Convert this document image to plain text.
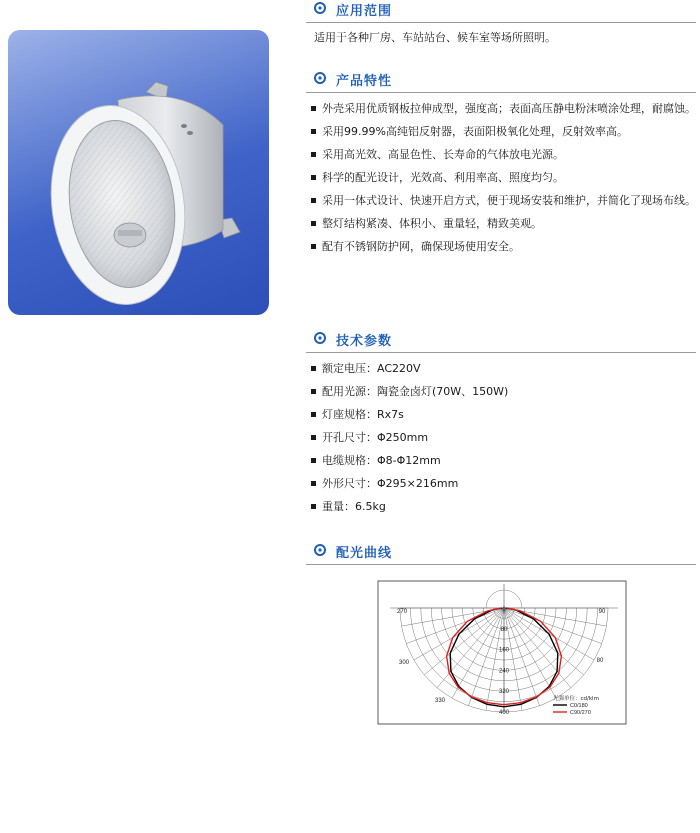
应用范围
适用于各种厂房、车站站台、候车室等场所照明。
产品特性
外壳采用优质钢板拉伸成型，强度高；表面高压静电粉沫喷涂处理，耐腐蚀。
采用99.99%高纯铝反射器，表面阳极氧化处理，反射效率高。
采用高光效、高显色性、长寿命的气体放电光源。
科学的配光设计，光效高、利用率高、照度均匀。
采用一体式设计、快速开启方式，便于现场安装和维护，并简化了现场布线。
整灯结构紧凑、体积小、重量轻，精致美观。
配有不锈钢防护网，确保现场使用安全。
技术参数
额定电压：AC220V
配用光源：陶瓷金卤灯(70W、150W)
灯座规格：Rx7s
开孔尺寸：Φ250mm
电缆规格：Φ8-Φ12mm
外形尺寸：Φ295×216mm
重量：6.5kg
配光曲线
80
160
240
320
400
0	90
80
270
300
330	光强单位：cd/klm
C0/180
C90/270
